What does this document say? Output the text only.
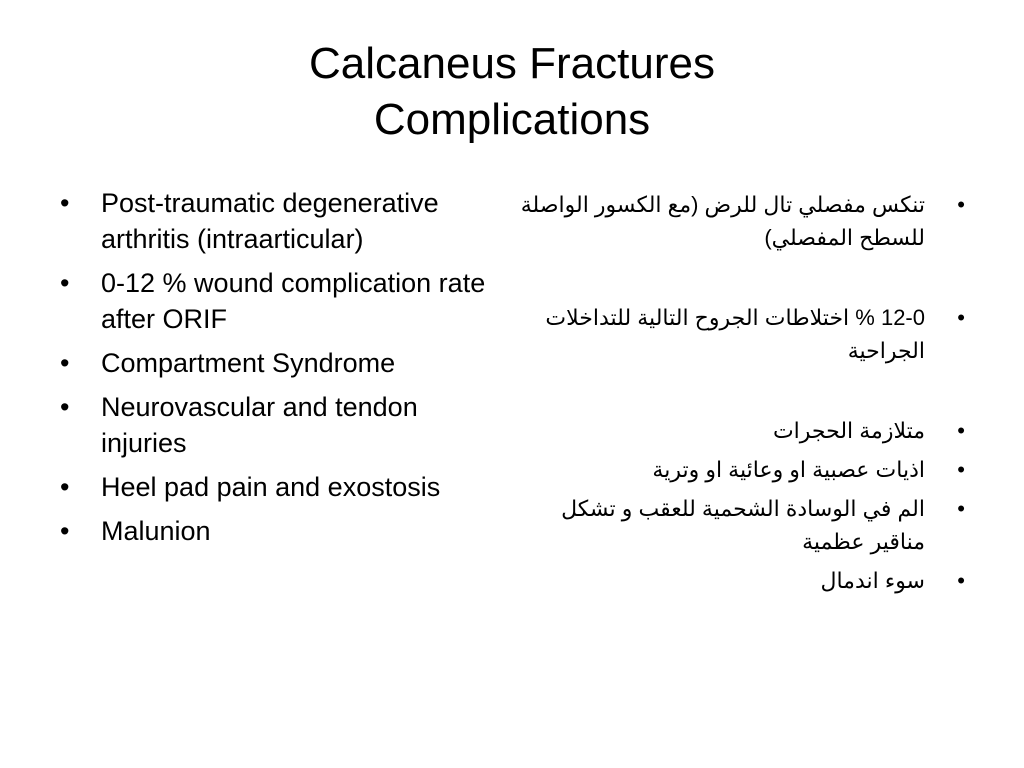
Calcaneus Fractures
Complications
• Post-traumatic degenerative arthritis (intraarticular)
• 0-12 % wound complication rate after ORIF
• Compartment Syndrome
• Neurovascular and tendon injuries
• Heel pad pain and exostosis
• Malunion
• تنكس مفصلي تال للرض (مع الكسور الواصلة للسطح المفصلي)
• 12-0 % اختلاطات الجروح التالية للتداخلات الجراحية
• متلازمة الحجرات
• اذيات عصبية او وعائية او وترية
• الم في الوسادة الشحمية للعقب و تشكل مناقير عظمية
• سوء اندمال
